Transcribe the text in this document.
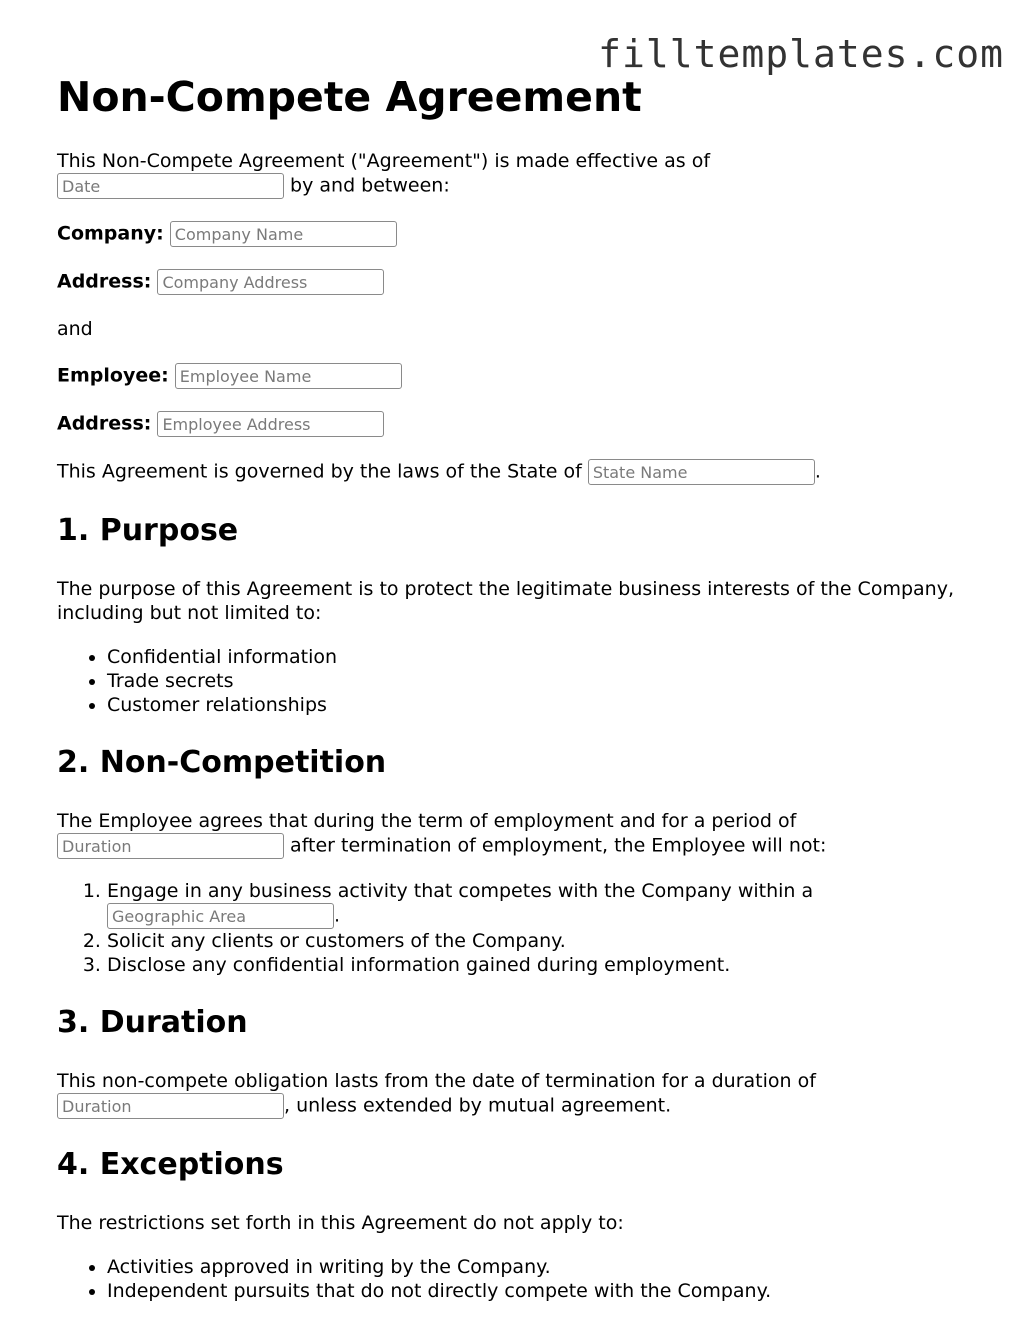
filltemplates.com
Non-Compete Agreement

This Non-Compete Agreement ("Agreement") is made effective as of
Date by and between:

Company: Company Name

Address: Company Address

and

Employee: Employee Name

Address: Employee Address

This Agreement is governed by the laws of the State of State Name	.

1. Purpose

The purpose of this Agreement is to protect the legitimate business interests of the Company, including but not limited to:

• Confidential information
• Trade secrets
• Customer relationships
2. Non-Competition

The Employee agrees that during the term of employment and for a period of
Duration after termination of employment, the Employee will not:

1. Engage in any business activity that competes with the Company within a
Geographic Area.
2. Solicit any clients or customers of the Company.
3. Disclose any confidential information gained during employment.
3. Duration

This non-compete obligation lasts from the date of termination for a duration of
Duration, unless extended by mutual agreement.

4. Exceptions

The restrictions set forth in this Agreement do not apply to:

• Activities approved in writing by the Company.
• Independent pursuits that do not directly compete with the Company.
